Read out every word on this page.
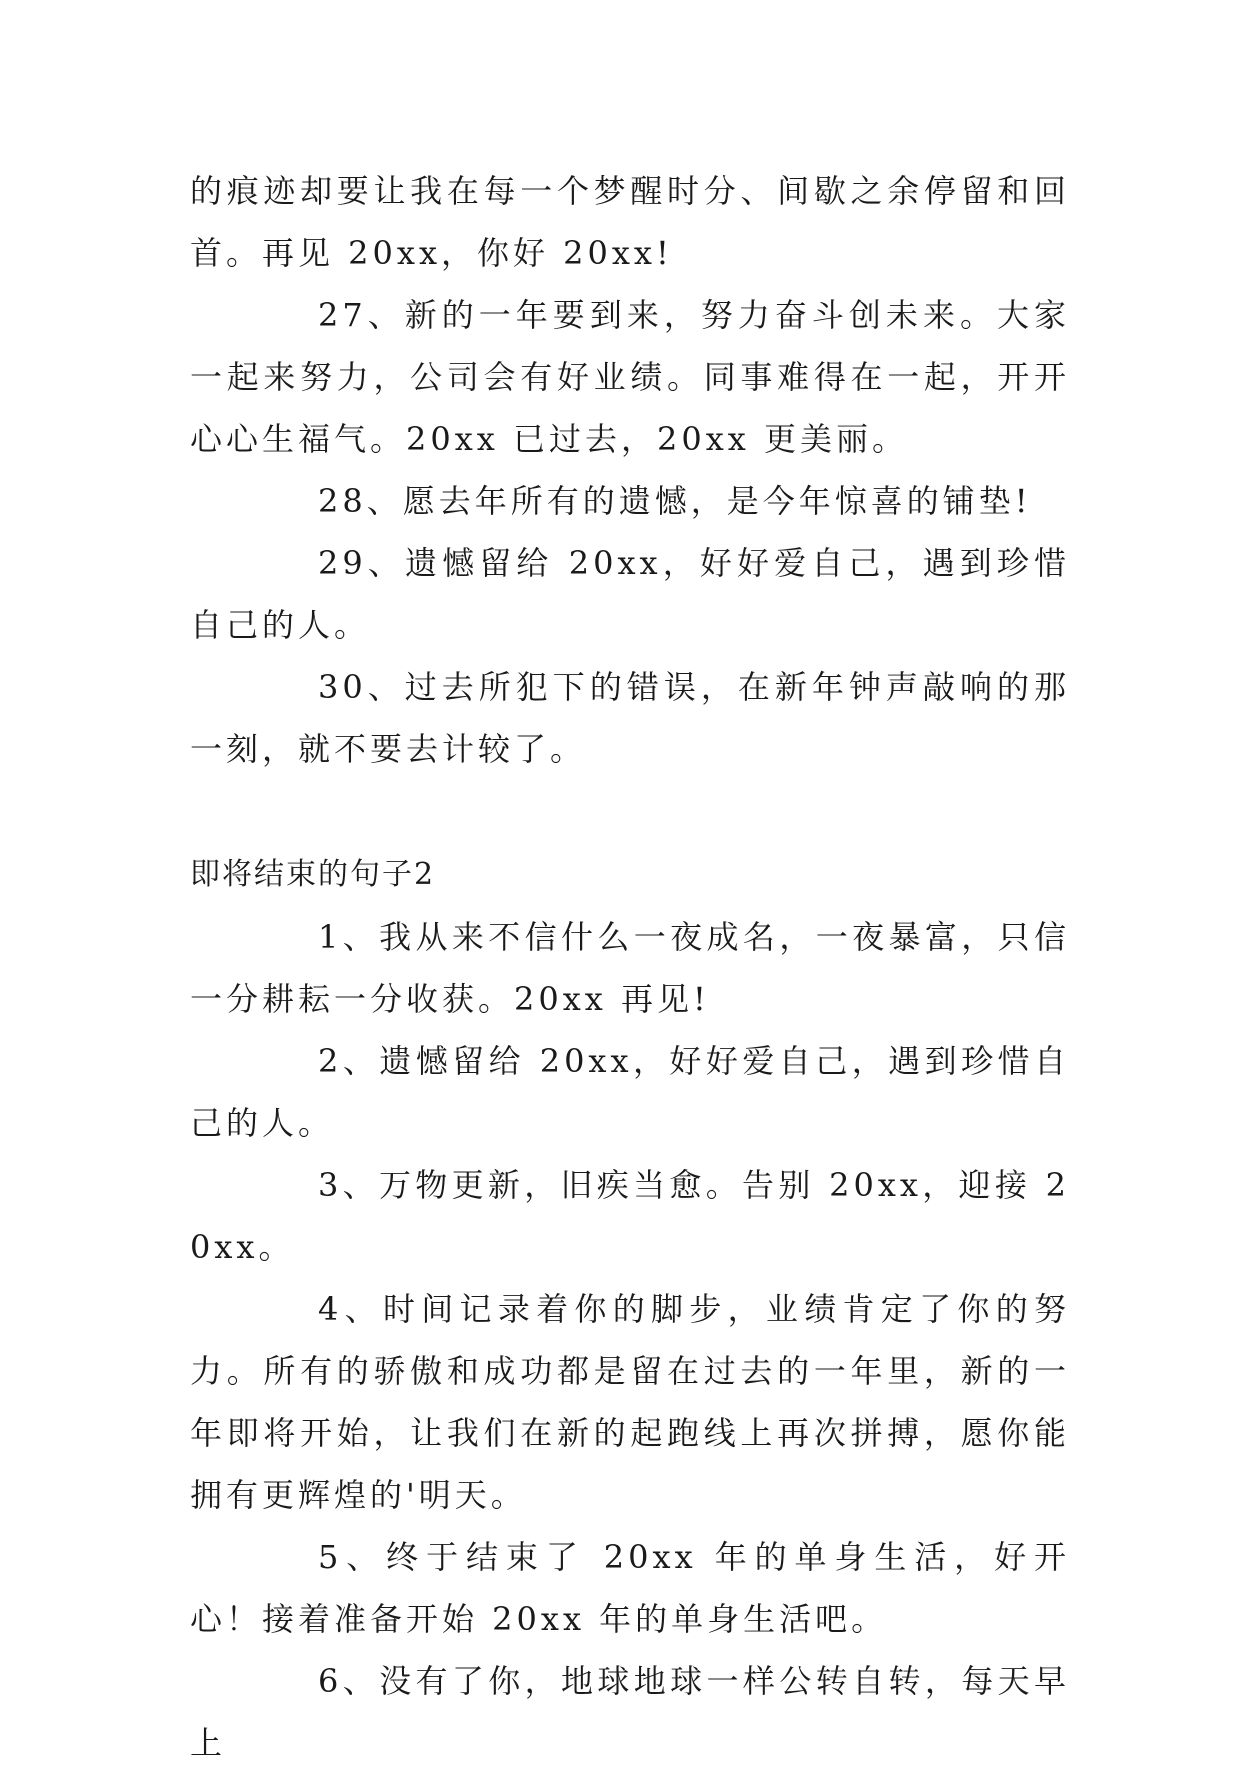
的痕迹却要让我在每一个梦醒时分、间歇之余停留和回首。再见 20xx，你好 20xx!

27、新的一年要到来，努力奋斗创未来。大家一起来努力，公司会有好业绩。同事难得在一起，开开心心生福气。20xx 已过去，20xx 更美丽。

28、愿去年所有的遗憾，是今年惊喜的铺垫!

29、遗憾留给 20xx，好好爱自己，遇到珍惜自己的人。

30、过去所犯下的错误，在新年钟声敲响的那一刻，就不要去计较了。

即将结束的句子2

1、我从来不信什么一夜成名，一夜暴富，只信一分耕耘一分收获。20xx 再见!

2、遗憾留给 20xx，好好爱自己，遇到珍惜自己的人。

3、万物更新，旧疾当愈。告别 20xx，迎接 20xx。

4、时间记录着你的脚步，业绩肯定了你的努力。所有的骄傲和成功都是留在过去的一年里，新的一年即将开始，让我们在新的起跑线上再次拼搏，愿你能拥有更辉煌的'明天。

5、终于结束了 20xx 年的单身生活，好开心！接着准备开始 20xx 年的单身生活吧。

6、没有了你，地球地球一样公转自转，每天早上
